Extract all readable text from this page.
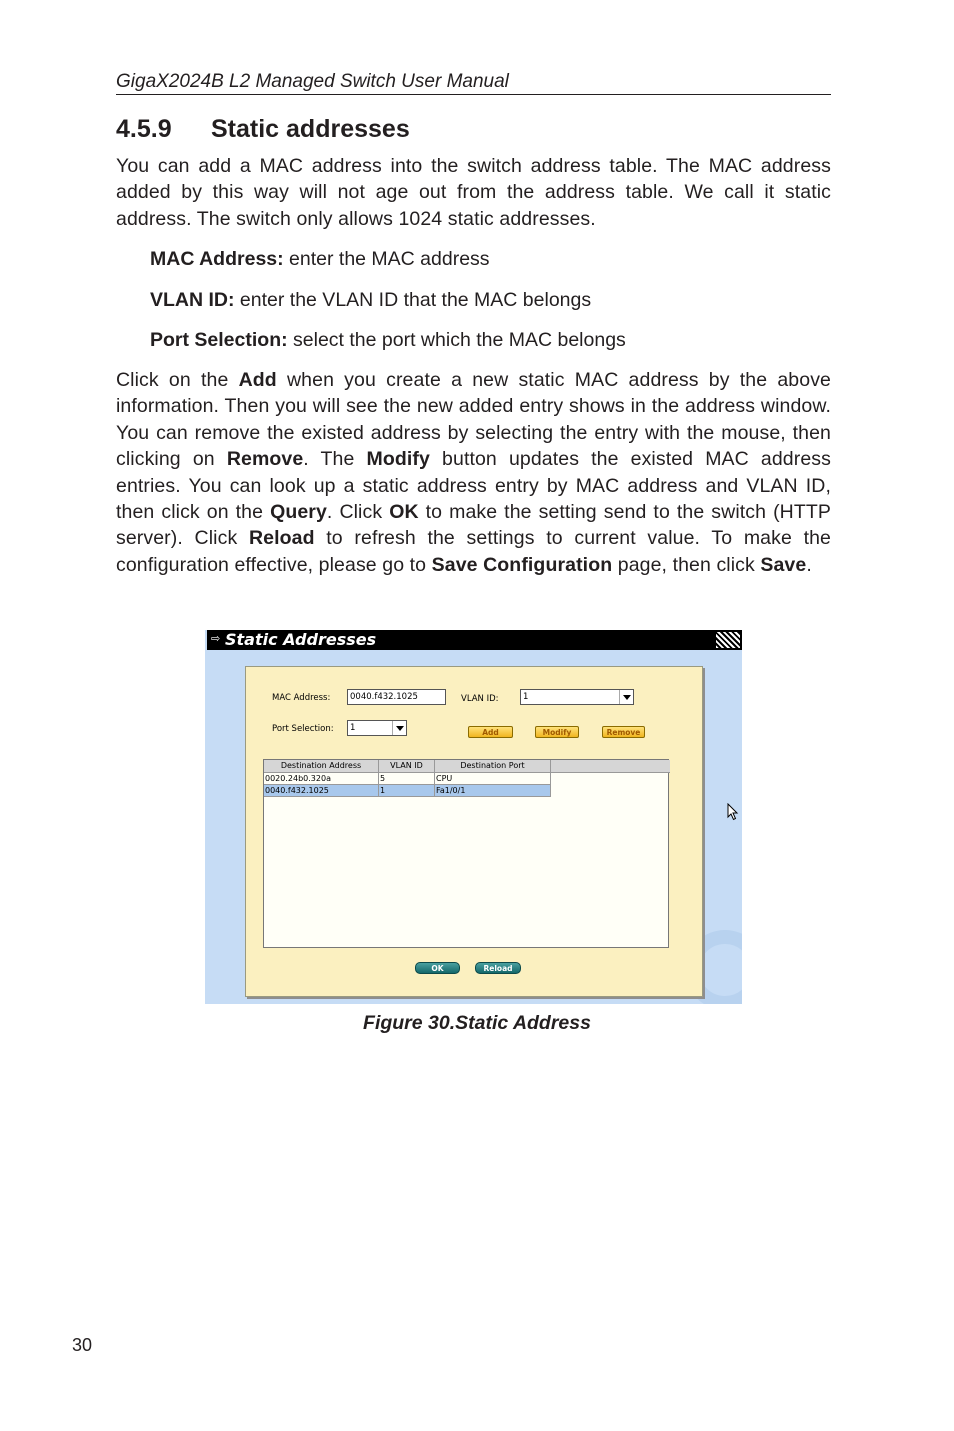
GigaX2024B L2 Managed Switch User Manual
4.5.9 Static addresses
You can add a MAC address into the switch address table. The MAC address added by this way will not age out from the address table. We call it static address. The switch only allows 1024 static addresses.
MAC Address: enter the MAC address
VLAN ID: enter the VLAN ID that the MAC belongs
Port Selection: select the port which the MAC belongs
Click on the Add when you create a new static MAC address by the above information. Then you will see the new added entry shows in the address window. You can remove the existed address by selecting the entry with the mouse, then clicking on Remove. The Modify button updates the existed MAC address entries. You can look up a static address entry by MAC address and VLAN ID, then click on the Query. Click OK to make the setting send to the switch (HTTP server). Click Reload to refresh the settings to current value. To make the configuration effective, please go to Save Configuration page, then click Save.
⇨ Static Addresses
MAC Address:	0040.f432.1025	VLAN ID:	1
Port Selection:	1	Add	Modify	Remove
Destination Address	VLAN ID	Destination Port
0020.24b0.320a	5	CPU
0040.f432.1025	1	Fa1/0/1
OK	Reload
Figure 30.Static Address
30
